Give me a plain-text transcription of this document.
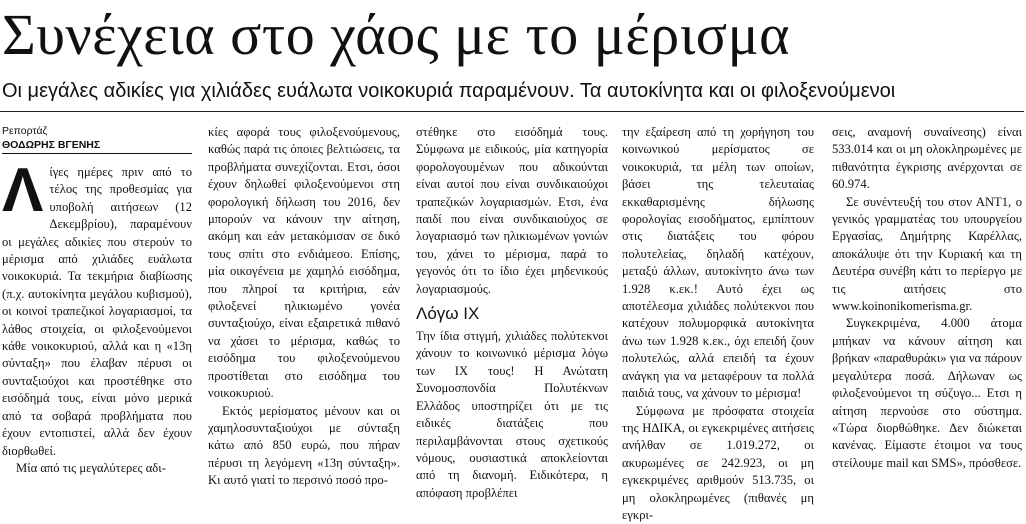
Συνέχεια στο χάος με το μέρισμα
Οι μεγάλες αδικίες για χιλιάδες ευάλωτα νοικοκυριά παραμένουν. Τα αυτοκίνητα και οι φιλοξενούμενοι
Ρεπορτάζ
ΘΟΔΩΡΗΣ ΒΓΕΝΗΣ

Λίγες ημέρες πριν από το τέλος της προθεσμίας για υποβολή αιτήσεων (12 Δεκεμβρίου), παραμένουν οι μεγάλες αδικίες που στερούν το μέρισμα από χιλιάδες ευάλωτα νοικοκυριά. Τα τεκμήρια διαβίωσης (π.χ. αυτοκίνητα μεγάλου κυβισμού), οι κοινοί τραπεζικοί λογαριασμοί, τα λάθος στοιχεία, οι φιλοξενούμενοι κάθε νοικοκυριού, αλλά και η «13η σύνταξη» που έλαβαν πέρυσι οι συνταξιούχοι και προστέθηκε στο εισόδημά τους, είναι μόνο μερικά από τα σοβαρά προβλήματα που έχουν εντοπιστεί, αλλά δεν έχουν διορθωθεί.

Μία από τις μεγαλύτερες αδι-

κίες αφορά τους φιλοξενούμενους, καθώς παρά τις όποιες βελτιώσεις, τα προβλήματα συνεχίζονται. Ετσι, όσοι έχουν δηλωθεί φιλοξενούμενοι στη φορολογική δήλωση του 2016, δεν μπορούν να κάνουν την αίτηση, ακόμη και εάν μετακόμισαν σε δικό τους σπίτι στο ενδιάμεσο. Επίσης, μία οικογένεια με χαμηλό εισόδημα, που πληροί τα κριτήρια, εάν φιλοξενεί ηλικιωμένο γονέα συνταξιούχο, είναι εξαιρετικά πιθανό να χάσει το μέρισμα, καθώς το εισόδημα του φιλοξενούμενου προστίθεται στο εισόδημα του νοικοκυριού.

Εκτός μερίσματος μένουν και οι χαμηλοσυνταξιούχοι με σύνταξη κάτω από 850 ευρώ, που πήραν πέρυσι τη λεγόμενη «13η σύνταξη». Κι αυτό γιατί το περσινό ποσό προ-

στέθηκε στο εισόδημά τους. Σύμφωνα με ειδικούς, μία κατηγορία φορολογουμένων που αδικούνται είναι αυτοί που είναι συνδικαιούχοι τραπεζικών λογαριασμών. Ετσι, ένα παιδί που είναι συνδικαιούχος σε λογαριασμό των ηλικιωμένων γονιών του, χάνει το μέρισμα, παρά το γεγονός ότι το ίδιο έχει μηδενικούς λογαριασμούς.

Λόγω ΙΧ

Την ίδια στιγμή, χιλιάδες πολύτεκνοι χάνουν το κοινωνικό μέρισμα λόγω των ΙΧ τους! Η Ανώτατη Συνομοσπονδία Πολυτέκνων Ελλάδος υποστηρίζει ότι με τις ειδικές διατάξεις που περιλαμβάνονται στους σχετικούς νόμους, ουσιαστικά αποκλείονται από τη διανομή. Ειδικότερα, η απόφαση προβλέπει

την εξαίρεση από τη χορήγηση του κοινωνικού μερίσματος σε νοικοκυριά, τα μέλη των οποίων, βάσει της τελευταίας εκκαθαρισμένης δήλωσης φορολογίας εισοδήματος, εμπίπτουν στις διατάξεις του φόρου πολυτελείας, δηλαδή κατέχουν, μεταξύ άλλων, αυτοκίνητο άνω των 1.928 κ.εκ.! Αυτό έχει ως αποτέλεσμα χιλιάδες πολύτεκνοι που κατέχουν πολυμορφικά αυτοκίνητα άνω των 1.928 κ.εκ., όχι επειδή ζουν πολυτελώς, αλλά επειδή τα έχουν ανάγκη για να μεταφέρουν τα πολλά παιδιά τους, να χάνουν το μέρισμα!

Σύμφωνα με πρόσφατα στοιχεία της ΗΔΙΚΑ, οι εγκεκριμένες αιτήσεις ανήλθαν σε 1.019.272, οι ακυρωμένες σε 242.923, οι μη εγκεκριμένες αριθμούν 513.735, οι μη ολοκληρωμένες (πιθανές μη εγκρι-

σεις, αναμονή συναίνεσης) είναι 533.014 και οι μη ολοκληρωμένες με πιθανότητα έγκρισης ανέρχονται σε 60.974.

Σε συνέντευξή του στον ΑΝΤ1, ο γενικός γραμματέας του υπουργείου Εργασίας, Δημήτρης Καρέλλας, αποκάλυψε ότι την Κυριακή και τη Δευτέρα συνέβη κάτι το περίεργο με τις αιτήσεις στο www.koinonikomerisma.gr.

Συγκεκριμένα, 4.000 άτομα μπήκαν να κάνουν αίτηση και βρήκαν «παραθυράκι» για να πάρουν μεγαλύτερα ποσά. Δήλωναν ως φιλοξενούμενοι τη σύζυγο... Ετσι η αίτηση περνούσε στο σύστημα. «Τώρα διορθώθηκε. Δεν διώκεται κανένας. Είμαστε έτοιμοι να τους στείλουμε mail και SMS», πρόσθεσε.
